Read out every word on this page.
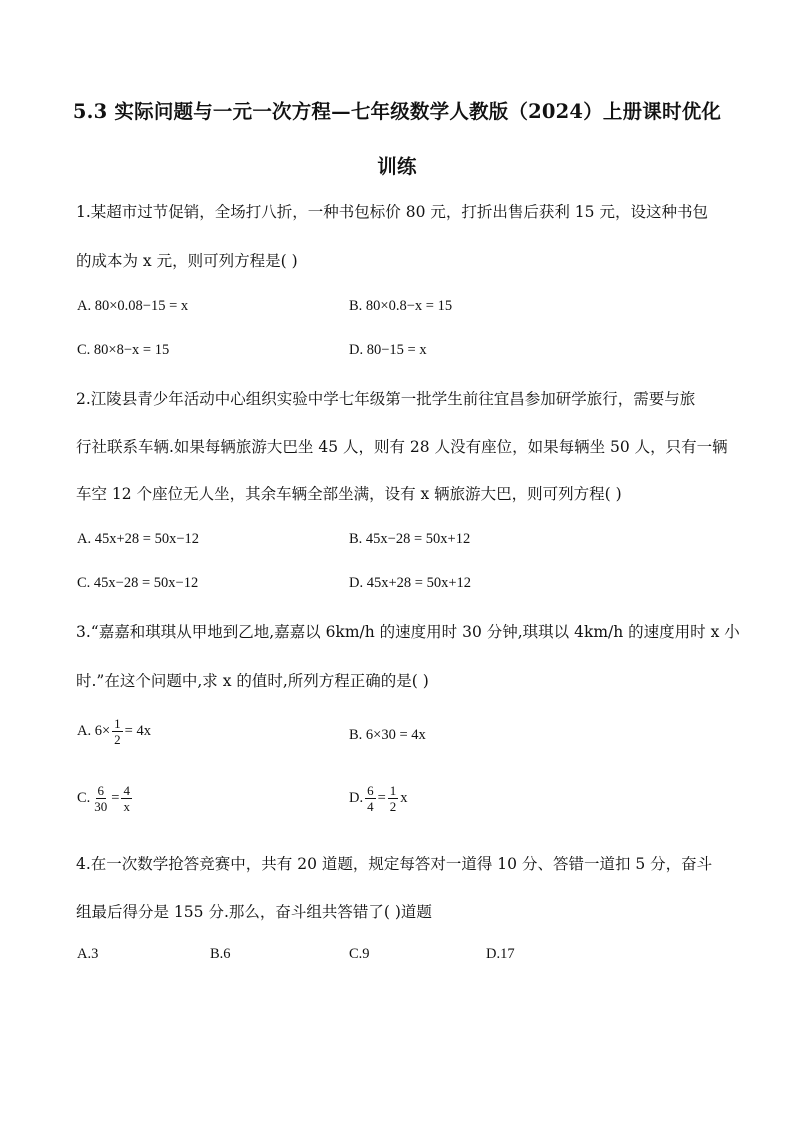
5.3 实际问题与一元一次方程—七年级数学人教版（2024）上册课时优化
训练
1.某超市过节促销，全场打八折，一种书包标价 80 元，打折出售后获利 15 元，设这种书包
的成本为 x 元，则可列方程是( )
A. 80×0.08−15 = x	B. 80×0.8−x = 15
C. 80×8−x = 15	D. 80−15 = x
2.江陵县青少年活动中心组织实验中学七年级第一批学生前往宜昌参加研学旅行，需要与旅
行社联系车辆.如果每辆旅游大巴坐 45 人，则有 28 人没有座位，如果每辆坐 50 人，只有一辆
车空 12 个座位无人坐，其余车辆全部坐满，设有 x 辆旅游大巴，则可列方程( )
A. 45x+28 = 50x−12	B. 45x−28 = 50x+12
C. 45x−28 = 50x−12	D. 45x+28 = 50x+12
3.“嘉嘉和琪琪从甲地到乙地,嘉嘉以 6km/h 的速度用时 30 分钟,琪琪以 4km/h 的速度用时 x 小
时.”在这个问题中,求 x 的值时,所列方程正确的是( )
A. $6\times \frac{1}{2} = 4x$	B. 6×30 = 4x
C. $\frac{6}{30} = \frac{4}{x}$	D. $\frac{6}{4} = \frac{1}{2}$ x
4.在一次数学抢答竞赛中，共有 20 道题，规定每答对一道得 10 分、答错一道扣 5 分，奋斗
组最后得分是 155 分.那么，奋斗组共答错了( )道题
A.3	B.6	C.9	D.17
